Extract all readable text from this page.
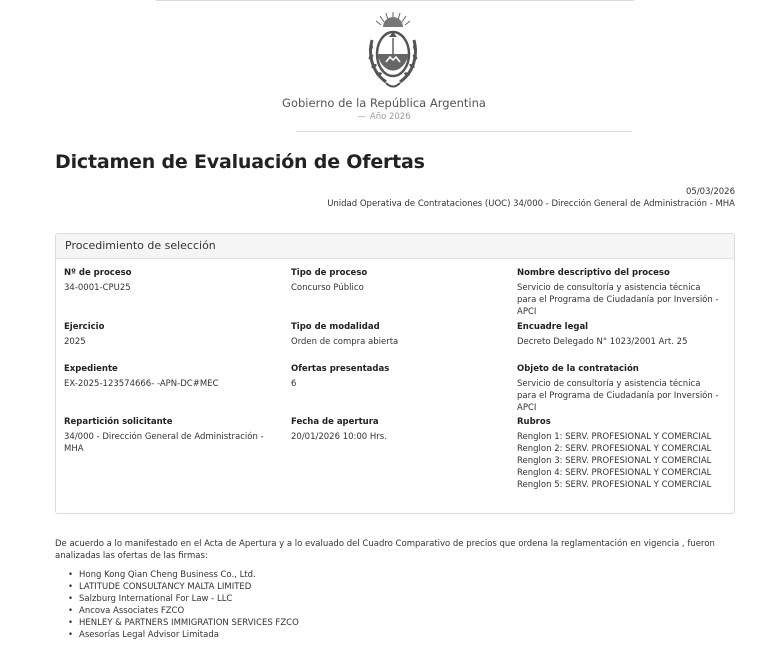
Gobierno de la República Argentina
— Año 2026
Dictamen de Evaluación de Ofertas
05/03/2026
Unidad Operativa de Contrataciones (UOC) 34/000 - Dirección General de Administración - MHA
Procedimiento de selección
Nº de proceso
34-0001-CPU25
Tipo de proceso
Concurso Público
Nombre descriptivo del proceso
Servicio de consultoría y asistencia técnica para el Programa de Ciudadanía por Inversión - APCI
Ejercicio
2025
Tipo de modalidad
Orden de compra abierta
Encuadre legal
Decreto Delegado N° 1023/2001 Art. 25
Expediente
EX-2025-123574666- -APN-DC#MEC
Ofertas presentadas
6
Objeto de la contratación
Servicio de consultoría y asistencia técnica para el Programa de Ciudadanía por Inversión - APCI
Repartición solicitante
34/000 - Dirección General de Administración - MHA
Fecha de apertura
20/01/2026 10:00 Hrs.
Rubros
Renglon 1: SERV. PROFESIONAL Y COMERCIAL
Renglon 2: SERV. PROFESIONAL Y COMERCIAL
Renglon 3: SERV. PROFESIONAL Y COMERCIAL
Renglon 4: SERV. PROFESIONAL Y COMERCIAL
Renglon 5: SERV. PROFESIONAL Y COMERCIAL
De acuerdo a lo manifestado en el Acta de Apertura y a lo evaluado del Cuadro Comparativo de precios que ordena la reglamentación en vigencia , fueron analizadas las ofertas de las firmas:
• Hong Kong Qian Cheng Business Co., Ltd.
• LATITUDE CONSULTANCY MALTA LIMITED
• Salzburg International For Law - LLC
• Ancova Associates FZCO
• HENLEY & PARTNERS IMMIGRATION SERVICES FZCO
• Asesorías Legal Advisor Limitada
